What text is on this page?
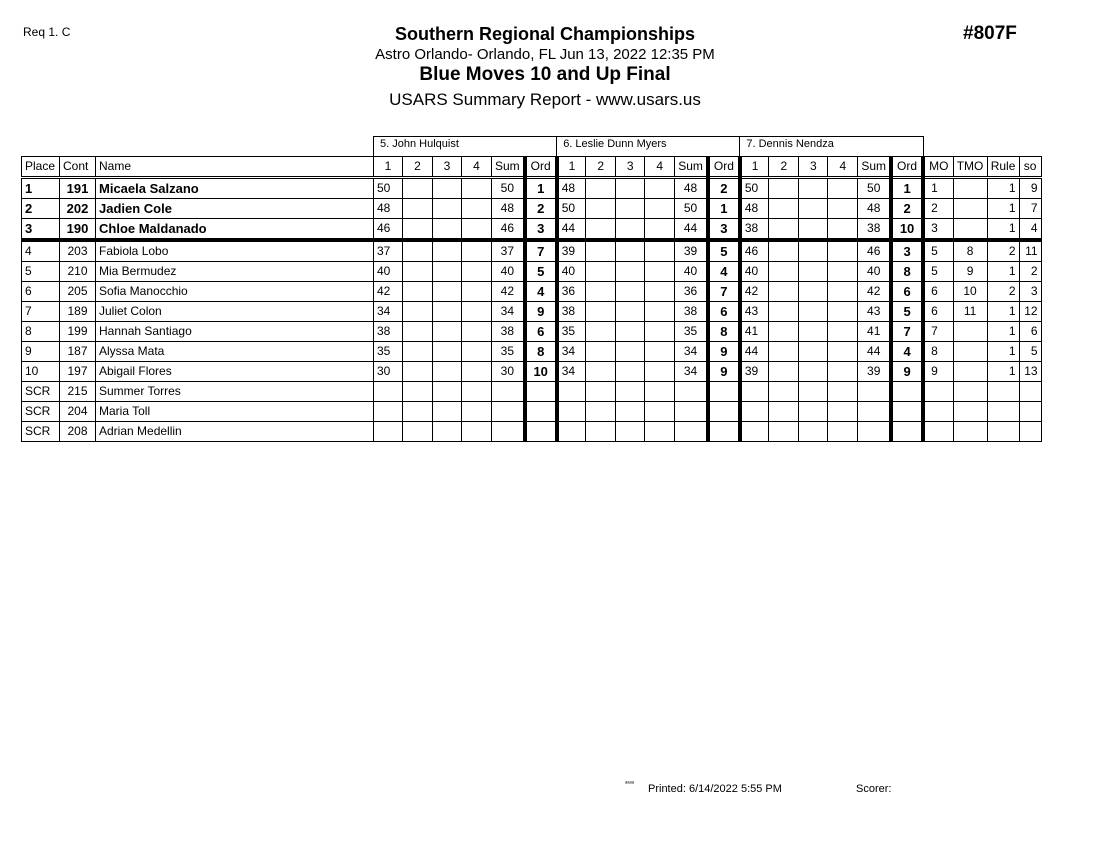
Req 1. C	#807F
Southern Regional Championships
Astro Orlando- Orlando, FL Jun 13, 2022 12:35 PM
Blue Moves 10 and Up Final
USARS Summary Report - www.usars.us
			5. John Hulquist						6. Leslie Dunn Myers						7. Dennis Nendza									
Place	Cont	Name	1	2	3	4	Sum	Ord	1	2	3	4	Sum	Ord	1	2	3	4	Sum	Ord	MO	TMO	Rule	so
1	191	Micaela Salzano	50				50	1	48				48	2	50				50	1	1		1	9
2	202	Jadien Cole	48				48	2	50				50	1	48				48	2	2		1	7
3	190	Chloe Maldanado	46				46	3	44				44	3	38				38	10	3		1	4
4	203	Fabiola Lobo	37				37	7	39				39	5	46				46	3	5	8	2	11
5	210	Mia Bermudez	40				40	5	40				40	4	40				40	8	5	9	1	2
6	205	Sofia Manocchio	42				42	4	36				36	7	42				42	6	6	10	2	3
7	189	Juliet Colon	34				34	9	38				38	6	43				43	5	6	11	1	12
8	199	Hannah Santiago	38				38	6	35				35	8	41				41	7	7		1	6
9	187	Alyssa Mata	35				35	8	34				34	9	44				44	4	8		1	5
10	197	Abigail Flores	30				30	10	34				34	9	39				39	9	9		1	13
SCR	215	Summer Torres																						
SCR	204	Maria Toll																						
SCR	208	Adrian Medellin																						
ᵃᵃᵃᵃ Printed: 6/14/2022 5:55 PM	Scorer:
